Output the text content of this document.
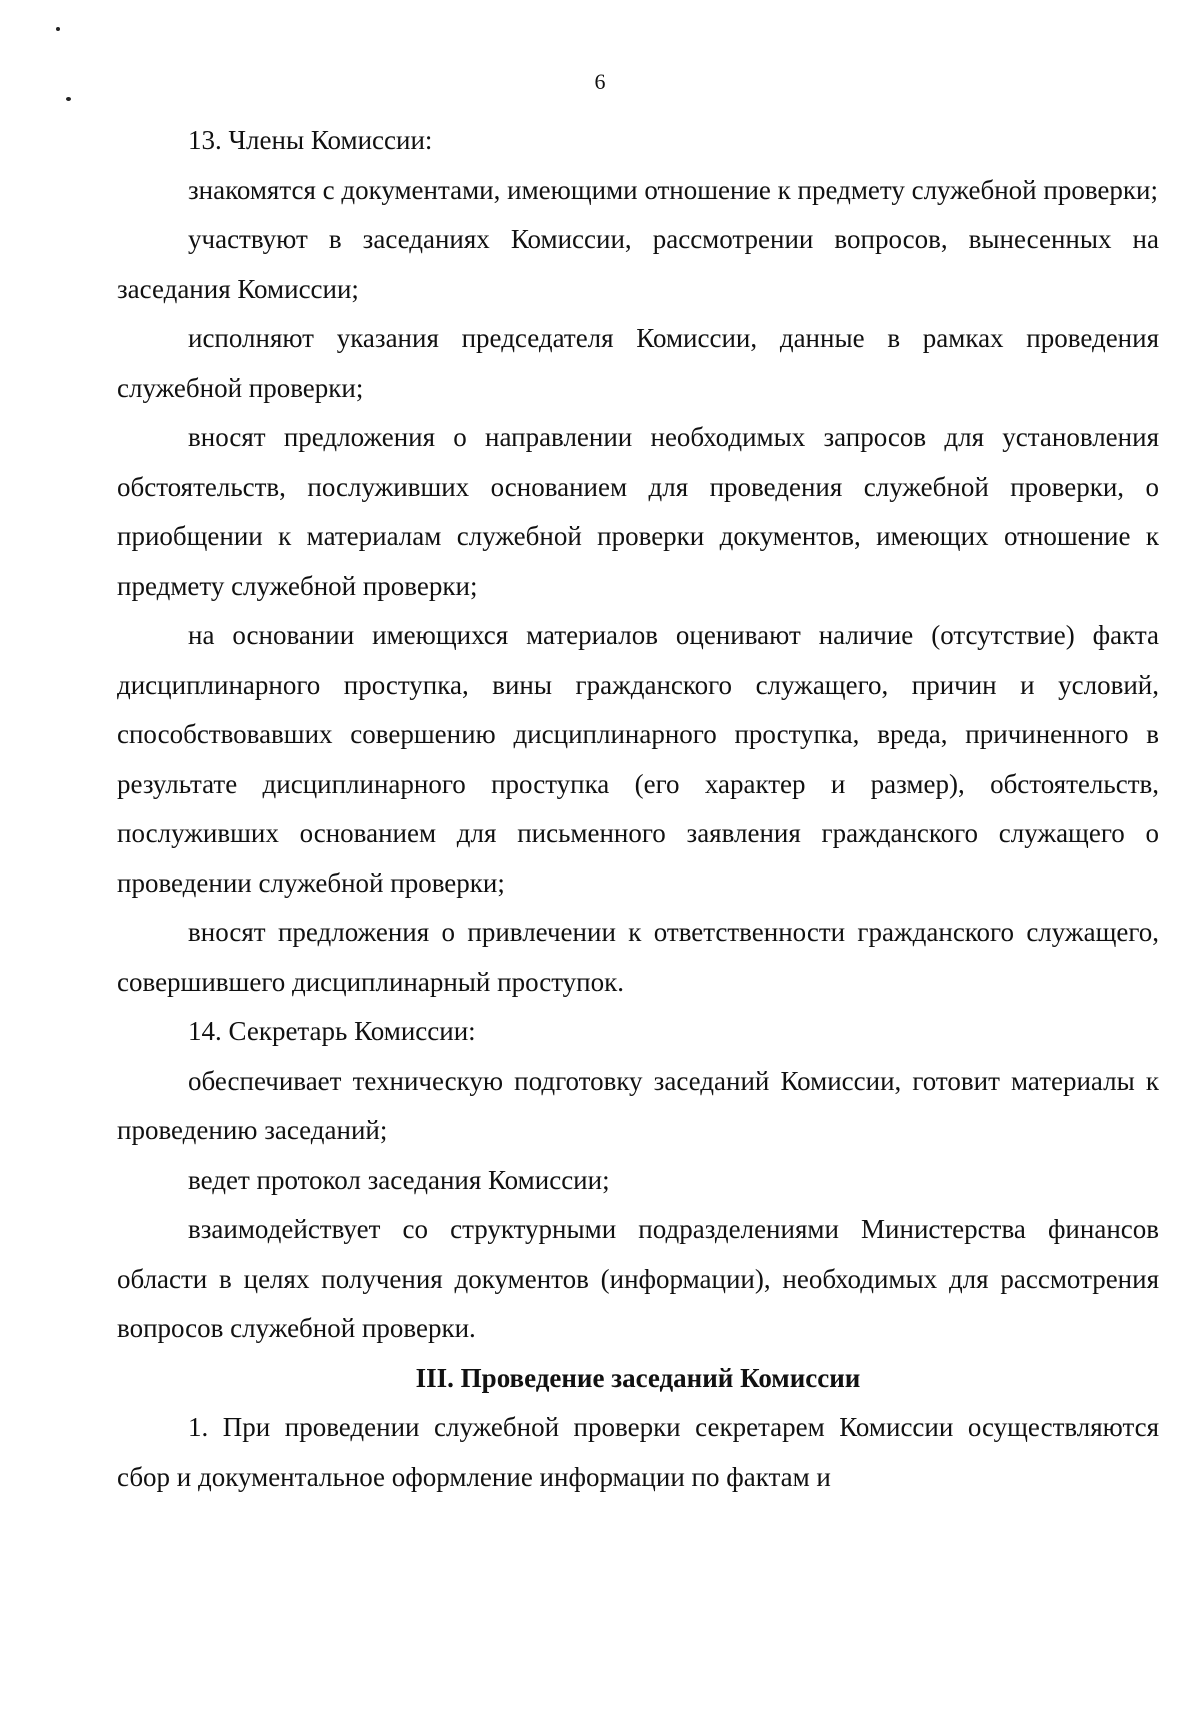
6

13. Члены Комиссии:

знакомятся с документами, имеющими отношение к предмету служебной проверки;

участвуют в заседаниях Комиссии, рассмотрении вопросов, вынесенных на заседания Комиссии;

исполняют указания председателя Комиссии, данные в рамках проведения служебной проверки;

вносят предложения о направлении необходимых запросов для установления обстоятельств, послуживших основанием для проведения служебной проверки, о приобщении к материалам служебной проверки документов, имеющих отношение к предмету служебной проверки;

на основании имеющихся материалов оценивают наличие (отсутствие) факта дисциплинарного проступка, вины гражданского служащего, причин и условий, способствовавших совершению дисциплинарного проступка, вреда, причиненного в результате дисциплинарного проступка (его характер и размер), обстоятельств, послуживших основанием для письменного заявления гражданского служащего о проведении служебной проверки;

вносят предложения о привлечении к ответственности гражданского служащего, совершившего дисциплинарный проступок.

14. Секретарь Комиссии:

обеспечивает техническую подготовку заседаний Комиссии, готовит материалы к проведению заседаний;

ведет протокол заседания Комиссии;

взаимодействует со структурными подразделениями Министерства финансов области в целях получения документов (информации), необходимых для рассмотрения вопросов служебной проверки.

III. Проведение заседаний Комиссии

1. При проведении служебной проверки секретарем Комиссии осуществляются сбор и документальное оформление информации по фактам и
